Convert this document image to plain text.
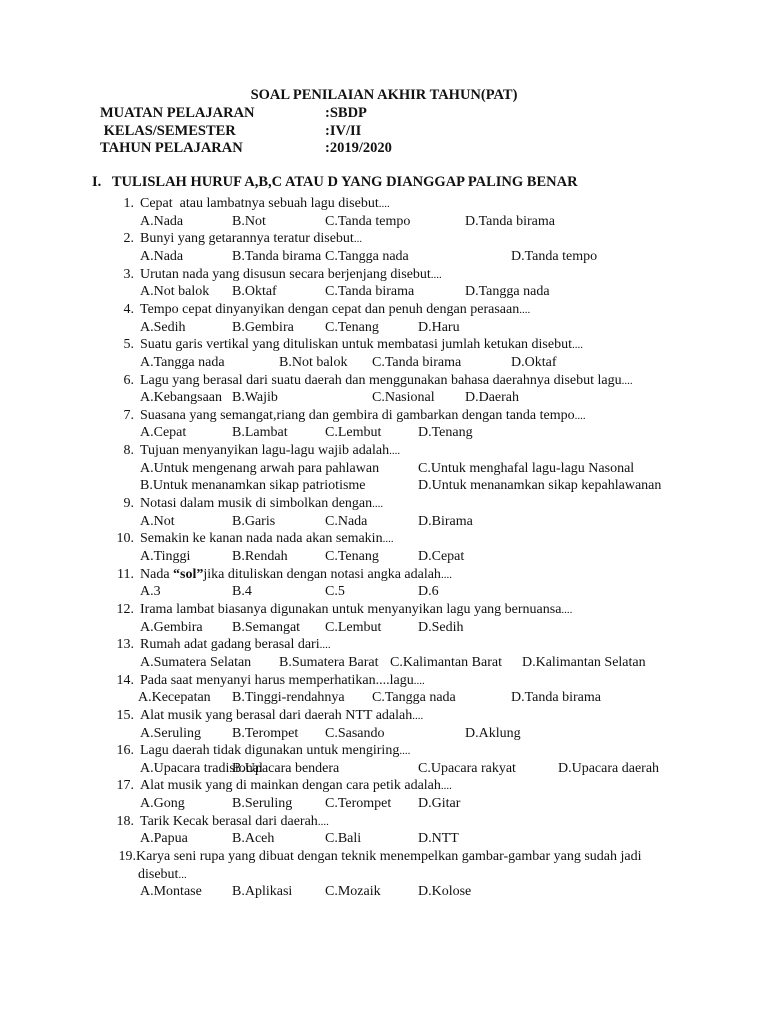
SOAL PENILAIAN AKHIR TAHUN(PAT)
MUATAN PELAJARAN	:SBDP
KELAS/SEMESTER	:IV/II
TAHUN PELAJARAN	:2019/2020
I.   TULISLAH HURUF A,B,C ATAU D YANG DIANGGAP PALING BENAR
1. Cepat  atau lambatnya sebuah lagu disebut....
A.Nada	B.Not	C.Tanda tempo	D.Tanda birama
2. Bunyi yang getarannya teratur disebut...
A.Nada	B.Tanda birama C.Tangga nada	D.Tanda tempo
3. Urutan nada yang disusun secara berjenjang disebut....
A.Not balok B.Oktaf	C.Tanda birama	D.Tangga nada
4. Tempo cepat dinyanyikan dengan cepat dan penuh dengan perasaan....
A.Sedih	B.Gembira C.Tenang	D.Haru
5. Suatu garis vertikal yang dituliskan untuk membatasi jumlah ketukan disebut....
A.Tangga nada	B.Not balok C.Tanda birama	D.Oktaf
6. Lagu yang berasal dari suatu daerah dan menggunakan bahasa daerahnya disebut lagu....
A.Kebangsaan B.Wajib	C.Nasional D.Daerah
7. Suasana yang semangat,riang dan gembira di gambarkan dengan tanda tempo....
A.Cepat	B.Lambat	C.Lembut	D.Tenang
8. Tujuan menyanyikan lagu-lagu wajib adalah....
A.Untuk mengenang arwah para pahlawan	C.Untuk menghafal lagu-lagu Nasonal
B.Untuk menanamkan sikap patriotisme	D.Untuk menanamkan sikap kepahlawanan
9. Notasi dalam musik di simbolkan dengan....
A.Not	B.Garis	C.Nada	D.Birama
10. Semakin ke kanan nada nada akan semakin....
A.Tinggi	B.Rendah	C.Tenang	D.Cepat
11. Nada “sol”jika dituliskan dengan notasi angka adalah....
A.3	B.4	C.5	D.6
12. Irama lambat biasanya digunakan untuk menyanyikan lagu yang bernuansa....
A.Gembira B.Semangat C.Lembut	D.Sedih
13. Rumah adat gadang berasal dari....
A.Sumatera Selatan B.Sumatera Barat C.Kalimantan Barat D.Kalimantan Selatan
14. Pada saat menyanyi harus memperhatikan....lagu....
A.Kecepatan B.Tinggi-rendahnya C.Tangga nada	D.Tanda birama
15. Alat musik yang berasal dari daerah NTT adalah....
A.Seruling B.Terompet C.Sasando	D.Aklung
16. Lagu daerah tidak digunakan untuk mengiring....
A.Upacara tradisional
B.Upacara bendera	C.Upacara rakyat	D.Upacara daerah
17. Alat musik yang di mainkan dengan cara petik adalah....
A.Gong	B.Seruling C.Terompet D.Gitar
18. Tarik Kecak berasal dari daerah....
A.Papua	B.Aceh	C.Bali	D.NTT
19. Karya seni rupa yang dibuat dengan teknik menempelkan gambar-gambar yang sudah jadi
disebut...
A.Montase B.Aplikasi C.Mozaik	D.Kolose
